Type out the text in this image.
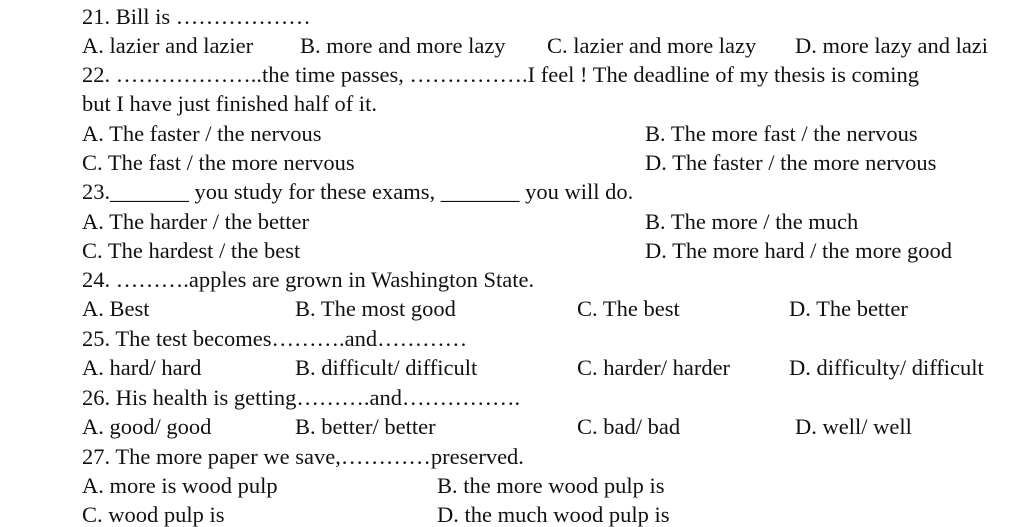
21. Bill is ………………
A. lazier and lazier B. more and more lazy C. lazier and more lazy D. more lazy and lazi
22. ………………..the time passes, …………….I feel ! The deadline of my thesis is coming
but I have just finished half of it.
A. The faster / the nervous	B. The more fast / the nervous
C. The fast / the more nervous	D. The faster / the more nervous
23._______ you study for these exams, _______ you will do.
A. The harder / the better	B. The more / the much
C. The hardest / the best	D. The more hard / the more good
24. ……….apples are grown in Washington State.
A. Best	B. The most good	C. The best	D. The better
25. The test becomes……….and…………
A. hard/ hard	B. difficult/ difficult	C. harder/ harder	D. difficulty/ difficult
26. His health is getting……….and…………….
A. good/ good	B. better/ better	C. bad/ bad	D. well/ well
27. The more paper we save,…………preserved.
A. more is wood pulp	B. the more wood pulp is
C. wood pulp is	D. the much wood pulp is
